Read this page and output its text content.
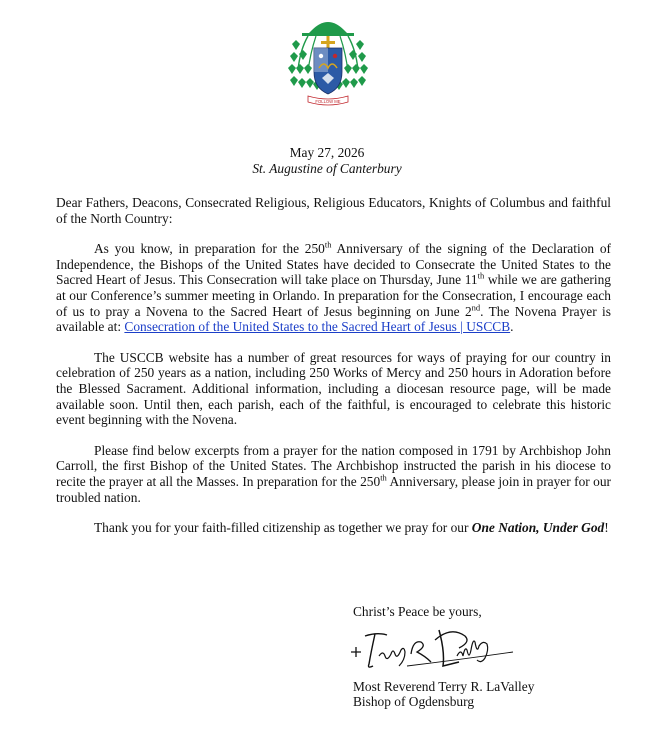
FOLLOW ME
May 27, 2026
St. Augustine of Canterbury

Dear Fathers, Deacons, Consecrated Religious, Religious Educators, Knights of Columbus and faithful of the North Country:

As you know, in preparation for the 250th Anniversary of the signing of the Declaration of Independence, the Bishops of the United States have decided to Consecrate the United States to the Sacred Heart of Jesus. This Consecration will take place on Thursday, June 11th while we are gathering at our Conference’s summer meeting in Orlando. In preparation for the Consecration, I encourage each of us to pray a Novena to the Sacred Heart of Jesus beginning on June 2nd. The Novena Prayer is available at: Consecration of the United States to the Sacred Heart of Jesus | USCCB.

The USCCB website has a number of great resources for ways of praying for our country in celebration of 250 years as a nation, including 250 Works of Mercy and 250 hours in Adoration before the Blessed Sacrament. Additional information, including a diocesan resource page, will be made available soon. Until then, each parish, each of the faithful, is encouraged to celebrate this historic event beginning with the Novena.

Please find below excerpts from a prayer for the nation composed in 1791 by Archbishop John Carroll, the first Bishop of the United States. The Archbishop instructed the parish in his diocese to recite the prayer at all the Masses. In preparation for the 250th Anniversary, please join in prayer for our troubled nation.

Thank you for your faith-filled citizenship as together we pray for our One Nation, Under God!

Christ’s Peace be yours,
+ Terry R. LaValley
Most Reverend Terry R. LaValley
Bishop of Ogdensburg
